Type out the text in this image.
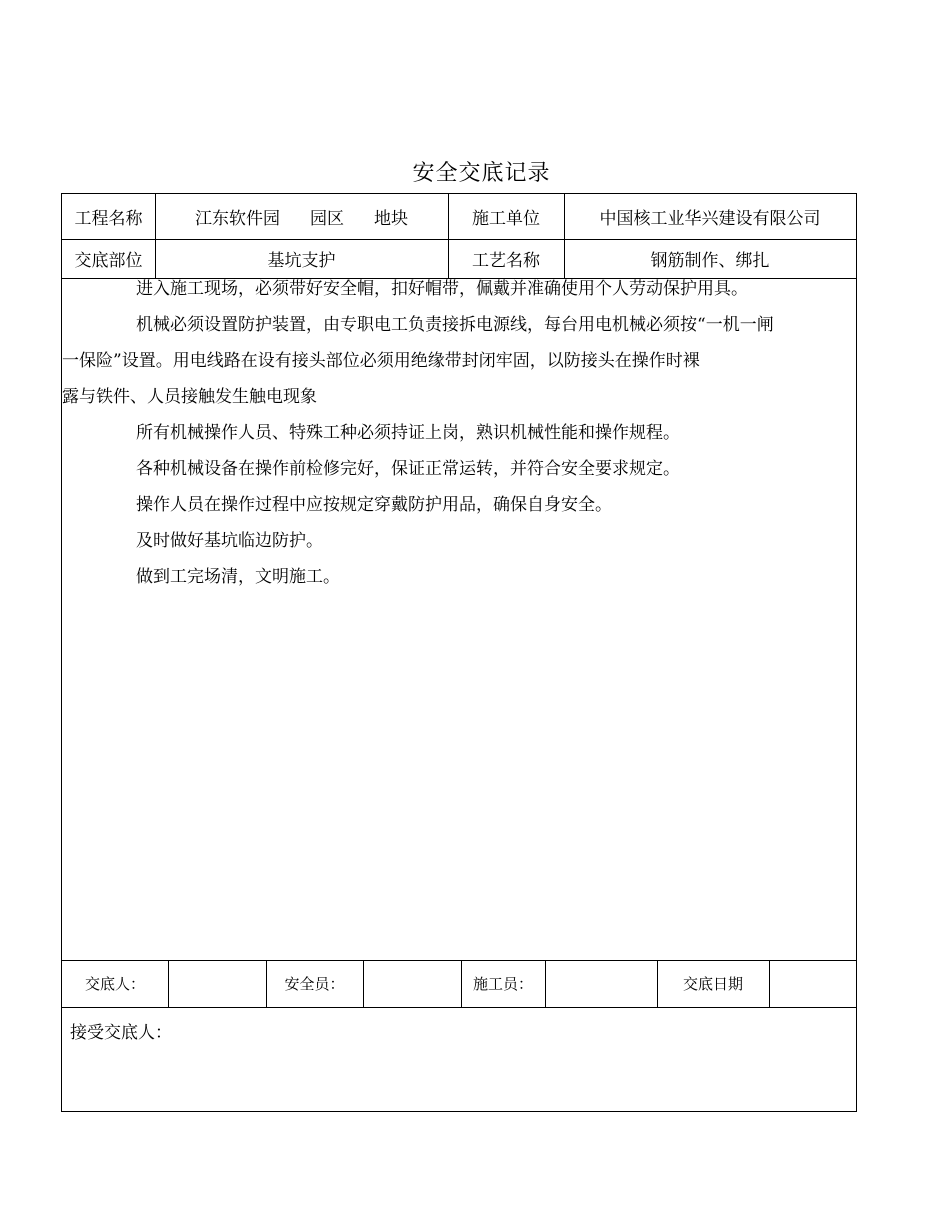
安全交底记录
工程名称	江东软件园 园区 地块	施工单位	中国核工业华兴建设有限公司
交底部位	基坑支护	工艺名称	钢筋制作、绑扎

进入施工现场，必须带好安全帽，扣好帽带，佩戴并准确使用个人劳动保护用具。

机械必须设置防护装置，由专职电工负责接拆电源线，每台用电机械必须按“一机一闸

一保险”设置。用电线路在设有接头部位必须用绝缘带封闭牢固，以防接头在操作时裸

露与铁件、人员接触发生触电现象

所有机械操作人员、特殊工种必须持证上岗，熟识机械性能和操作规程。

各种机械设备在操作前检修完好，保证正常运转，并符合安全要求规定。

操作人员在操作过程中应按规定穿戴防护用品，确保自身安全。

及时做好基坑临边防护。

做到工完场清，文明施工。

交底人：	安全员：	施工员：	交底日期
接受交底人：
